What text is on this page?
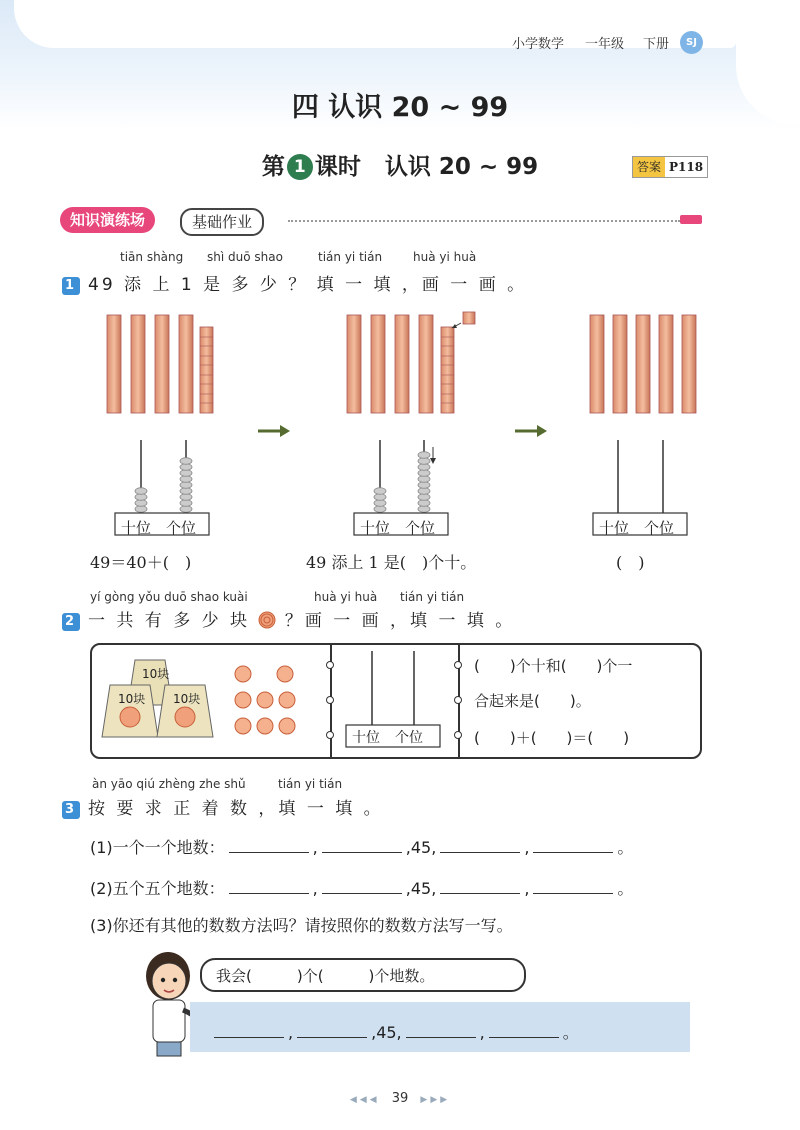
小学数学 一年级 下册	SJ
四 认识 20 ~ 99
第 1 课时 认识 20 ~ 99	答案 P118
知识演练场	基础作业
tiān shàng shì duō shao	tián yi tián	huà yi huà
1 49 添 上 1 是 多 少 ？ 填 一 填 ，画 一 画 。
十位 个位	十位 个位	十位 个位
49＝40＋(　)	49 添上 1 是(　)个十。	(　)
yí gòng yǒu duō shao kuài	huà yi huà tián yi tián
2 一 共 有 多 少 块 ？画 一 画 ，填 一 填 。
10块
10块 10块
十位 个位
(　　)个十和(　　)个一
合起来是(　　)。
(　　)＋(　　)＝(　　)
àn yāo qiú zhèng zhe shǔ	tián yi tián
3 按 要 求 正 着 数 ，填 一 填 。
(1)一个一个地数：	,	,45,	,	。
(2)五个五个地数：	,	,45,	,	。
(3)你还有其他的数数方法吗？请按照你的数数方法写一写。
我会(　　　)个(　　　)个地数。
,	,45,	,	。
◀◀◀ 39 ▶▶▶
